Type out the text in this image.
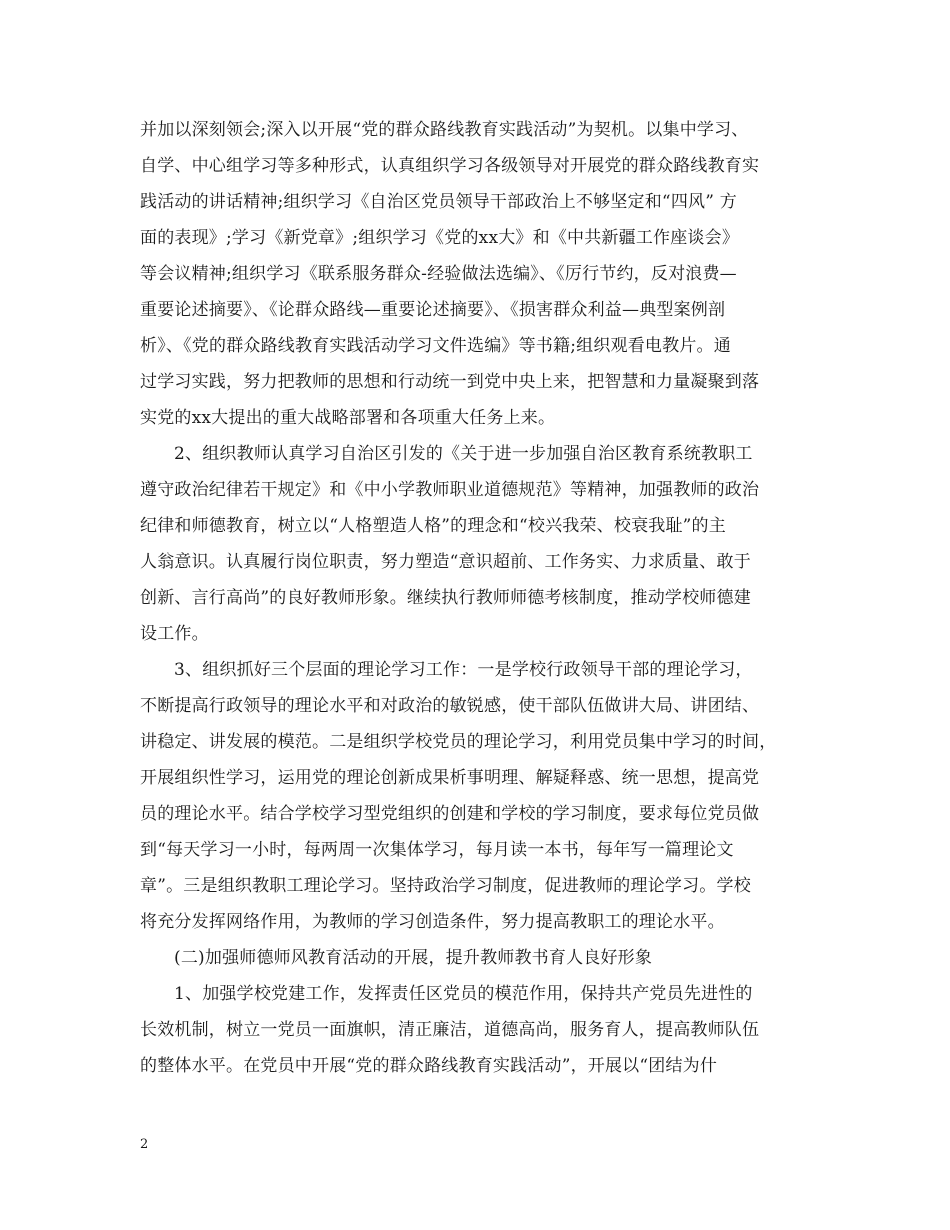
并加以深刻领会;深入以开展“党的群众路线教育实践活动”为契机。以集中学习、
自学、中心组学习等多种形式，认真组织学习各级领导对开展党的群众路线教育实
践活动的讲话精神;组织学习《自治区党员领导干部政治上不够坚定和“四风” 方
面的表现》;学习《新党章》;组织学习《党的xx大》和《中共新疆工作座谈会》
等会议精神;组织学习《联系服务群众-经验做法选编》、《厉行节约，反对浪费—
重要论述摘要》、《论群众路线—重要论述摘要》、《损害群众利益—典型案例剖
析》、《党的群众路线教育实践活动学习文件选编》等书籍;组织观看电教片。通
过学习实践，努力把教师的思想和行动统一到党中央上来，把智慧和力量凝聚到落
实党的xx大提出的重大战略部署和各项重大任务上来。
2、组织教师认真学习自治区引发的《关于进一步加强自治区教育系统教职工
遵守政治纪律若干规定》和《中小学教师职业道德规范》等精神，加强教师的政治
纪律和师德教育，树立以“人格塑造人格”的理念和“校兴我荣、校衰我耻”的主
人翁意识。认真履行岗位职责，努力塑造“意识超前、工作务实、力求质量、敢于
创新、言行高尚”的良好教师形象。继续执行教师师德考核制度，推动学校师德建
设工作。
3、组织抓好三个层面的理论学习工作：一是学校行政领导干部的理论学习，
不断提高行政领导的理论水平和对政治的敏锐感，使干部队伍做讲大局、讲团结、
讲稳定、讲发展的模范。二是组织学校党员的理论学习，利用党员集中学习的时间，
开展组织性学习，运用党的理论创新成果析事明理、解疑释惑、统一思想，提高党
员的理论水平。结合学校学习型党组织的创建和学校的学习制度，要求每位党员做
到“每天学习一小时，每两周一次集体学习，每月读一本书，每年写一篇理论文
章”。三是组织教职工理论学习。坚持政治学习制度，促进教师的理论学习。学校
将充分发挥网络作用，为教师的学习创造条件，努力提高教职工的理论水平。
(二)加强师德师风教育活动的开展，提升教师教书育人良好形象
1、加强学校党建工作，发挥责任区党员的模范作用，保持共产党员先进性的
长效机制，树立一党员一面旗帜，清正廉洁，道德高尚，服务育人，提高教师队伍
的整体水平。在党员中开展“党的群众路线教育实践活动”，开展以“团结为什
2
